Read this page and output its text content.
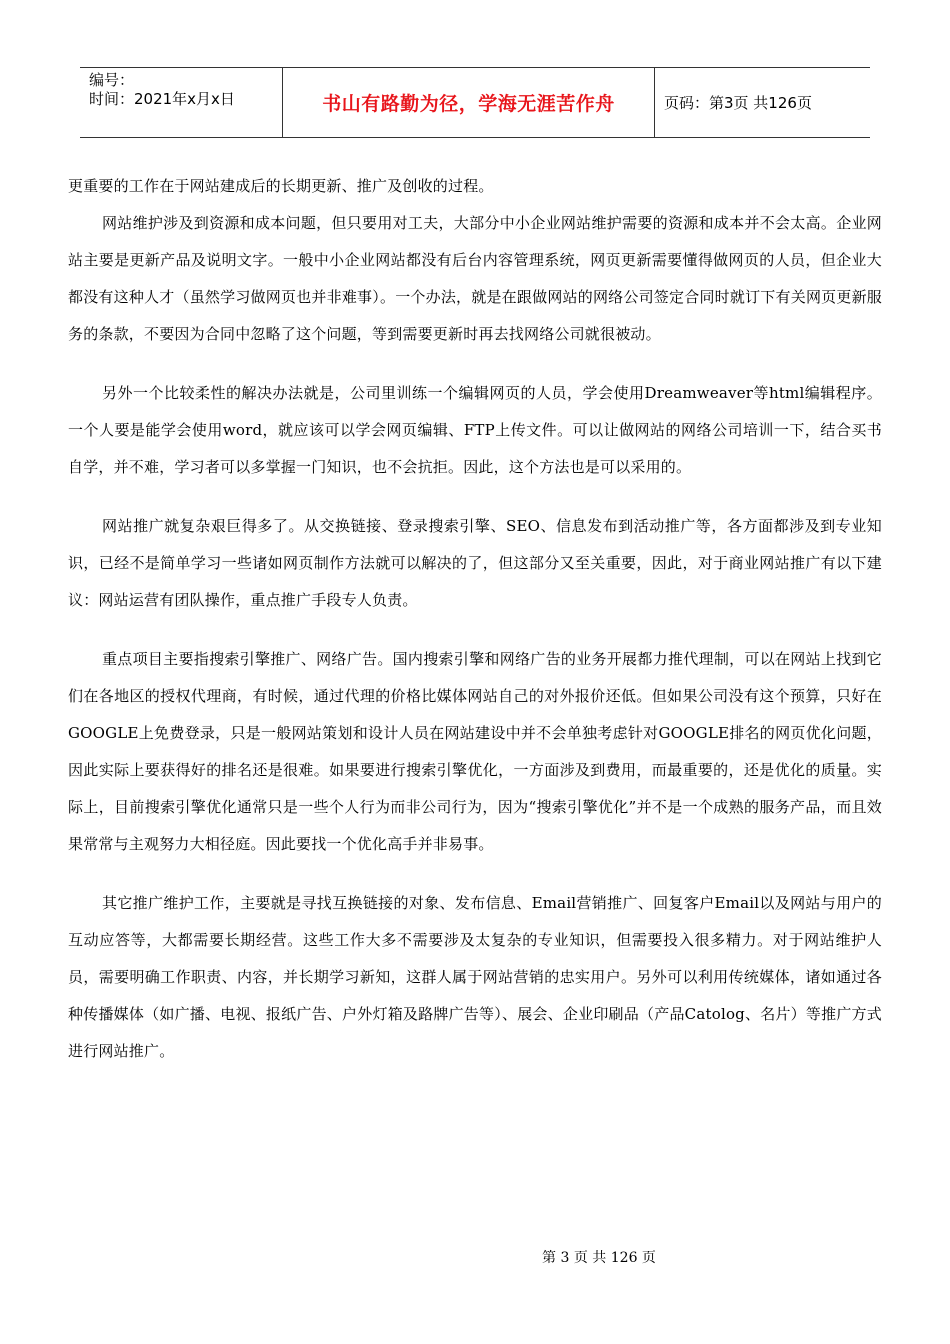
编号：
时间：2021年x月x日	书山有路勤为径，学海无涯苦作舟	页码：第3页 共126页

更重要的工作在于网站建成后的长期更新、推广及创收的过程。

网站维护涉及到资源和成本问题，但只要用对工夫，大部分中小企业网站维护需要的资源和成本并不会太高。企业网站主要是更新产品及说明文字。一般中小企业网站都没有后台内容管理系统，网页更新需要懂得做网页的人员，但企业大都没有这种人才（虽然学习做网页也并非难事）。一个办法，就是在跟做网站的网络公司签定合同时就订下有关网页更新服务的条款，不要因为合同中忽略了这个问题，等到需要更新时再去找网络公司就很被动。

另外一个比较柔性的解决办法就是，公司里训练一个编辑网页的人员，学会使用Dreamweaver等html编辑程序。一个人要是能学会使用word，就应该可以学会网页编辑、FTP上传文件。可以让做网站的网络公司培训一下，结合买书自学，并不难，学习者可以多掌握一门知识，也不会抗拒。因此，这个方法也是可以采用的。

网站推广就复杂艰巨得多了。从交换链接、登录搜索引擎、SEO、信息发布到活动推广等，各方面都涉及到专业知识，已经不是简单学习一些诸如网页制作方法就可以解决的了，但这部分又至关重要，因此，对于商业网站推广有以下建议：网站运营有团队操作，重点推广手段专人负责。

重点项目主要指搜索引擎推广、网络广告。国内搜索引擎和网络广告的业务开展都力推代理制，可以在网站上找到它们在各地区的授权代理商，有时候，通过代理的价格比媒体网站自己的对外报价还低。但如果公司没有这个预算，只好在GOOGLE上免费登录，只是一般网站策划和设计人员在网站建设中并不会单独考虑针对GOOGLE排名的网页优化问题，因此实际上要获得好的排名还是很难。如果要进行搜索引擎优化，一方面涉及到费用，而最重要的，还是优化的质量。实际上，目前搜索引擎优化通常只是一些个人行为而非公司行为，因为“搜索引擎优化”并不是一个成熟的服务产品，而且效果常常与主观努力大相径庭。因此要找一个优化高手并非易事。

其它推广维护工作，主要就是寻找互换链接的对象、发布信息、Email营销推广、回复客户Email以及网站与用户的互动应答等，大都需要长期经营。这些工作大多不需要涉及太复杂的专业知识，但需要投入很多精力。对于网站维护人员，需要明确工作职责、内容，并长期学习新知，这群人属于网站营销的忠实用户。另外可以利用传统媒体，诸如通过各种传播媒体（如广播、电视、报纸广告、户外灯箱及路牌广告等）、展会、企业印刷品（产品Catolog、名片）等推广方式进行网站推广。

第 3 页 共 126 页
